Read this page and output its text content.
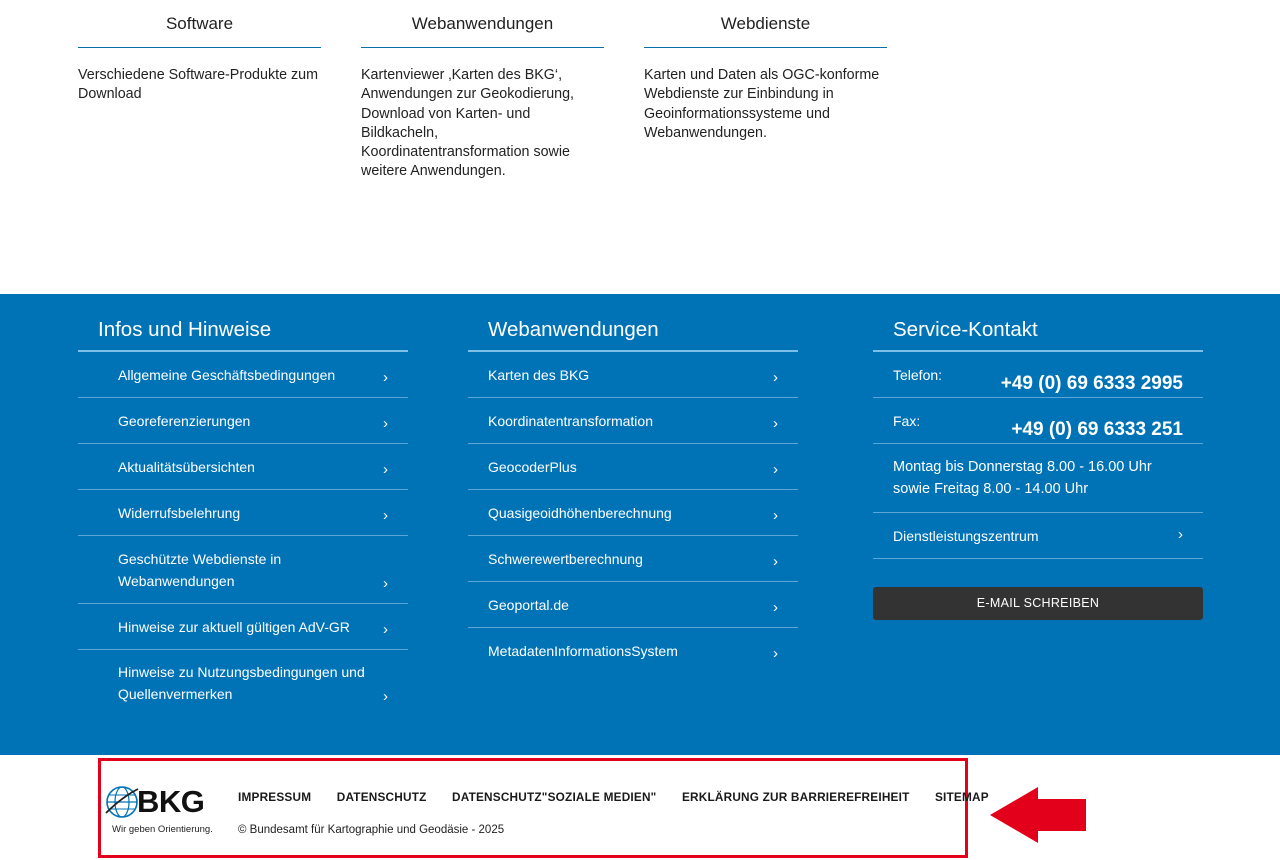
Software

Verschiedene Software-Produkte zum Download

Webanwendungen

Kartenviewer ‚Karten des BKG‘, Anwendungen zur Geokodierung, Download von Karten- und Bildkacheln, Koordinatentransformation sowie weitere Anwendungen.

Webdienste

Karten und Daten als OGC-konforme Webdienste zur Einbindung in Geoinformationssysteme und Webanwendungen.

Infos und Hinweise
Allgemeine Geschäftsbedingungen	›
Georeferenzierungen	›
Aktualitätsübersichten	›
Widerrufsbelehrung	›
Geschützte Webdienste in Webanwendungen	›
Hinweise zur aktuell gültigen AdV-GR ›
Hinweise zu Nutzungsbedingungen und Quellenvermerken	›
Webanwendungen
Karten des BKG	›
Koordinatentransformation	›
GeocoderPlus	›
Quasigeoidhöhenberechnung	›
Schwerewertberechnung	›
Geoportal.de	›
MetadatenInformationsSystem	›
Service-Kontakt
Telefon:	+49 (0) 69 6333 2995
Fax:	+49 (0) 69 6333 251
Montag bis Donnerstag 8.00 - 16.00 Uhr
sowie Freitag 8.00 - 14.00 Uhr
Dienstleistungszentrum	›
E-MAIL SCHREIBEN
BKG
Wir geben Orientierung.
IMPRESSUM DATENSCHUTZ DATENSCHUTZ"SOZIALE MEDIEN" ERKLÄRUNG ZUR BARRIEREFREIHEIT SITEMAP
© Bundesamt für Kartographie und Geodäsie - 2025
